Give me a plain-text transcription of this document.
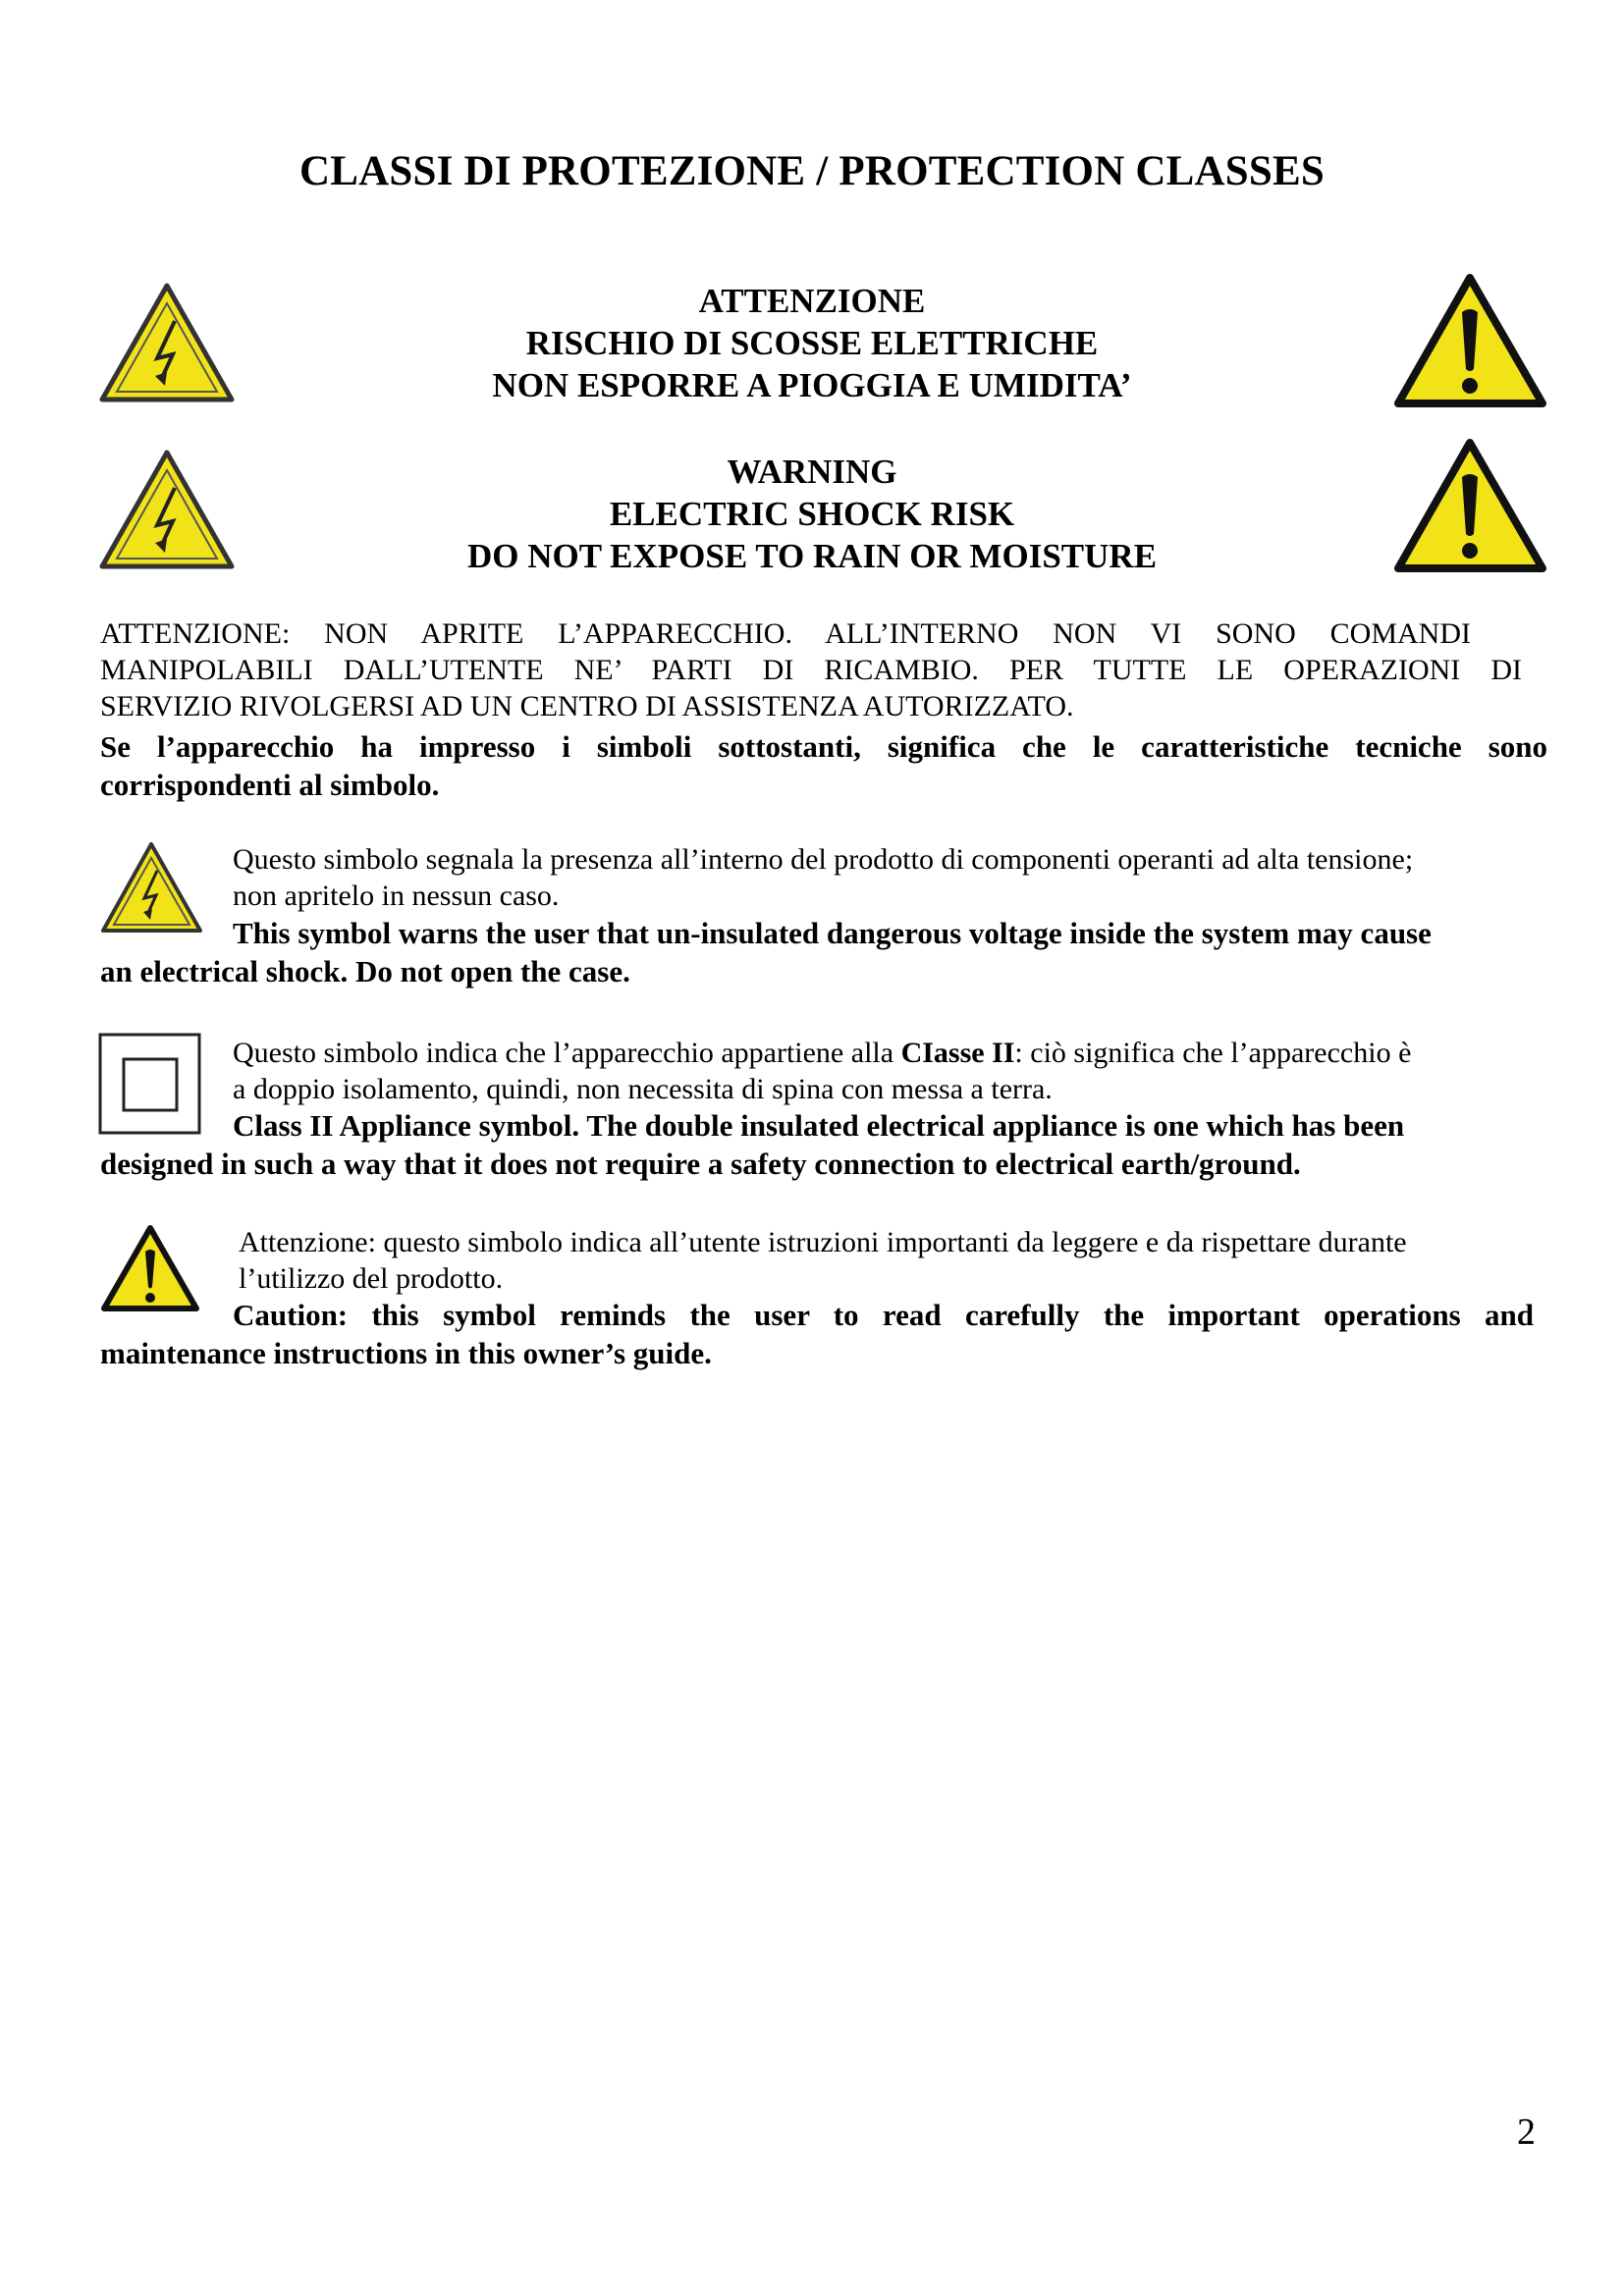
CLASSI DI PROTEZIONE / PROTECTION CLASSES
ATTENZIONE
RISCHIO DI SCOSSE ELETTRICHE
NON ESPORRE A PIOGGIA E UMIDITA’
WARNING
ELECTRIC SHOCK RISK
DO NOT EXPOSE TO RAIN OR MOISTURE
ATTENZIONE: NON APRITE L’APPARECCHIO. ALL’INTERNO NON VI SONO COMANDI
MANIPOLABILI DALL’UTENTE NE’ PARTI DI RICAMBIO. PER TUTTE LE OPERAZIONI DI
SERVIZIO RIVOLGERSI AD UN CENTRO DI ASSISTENZA AUTORIZZATO.
Se l’apparecchio ha impresso i simboli sottostanti, significa che le caratteristiche tecniche sono
corrispondenti al simbolo.
Questo simbolo segnala la presenza all’interno del prodotto di componenti operanti ad alta tensione;
non apritelo in nessun caso.
This symbol warns the user that un-insulated dangerous voltage inside the system may cause
an electrical shock. Do not open the case.
Questo simbolo indica che l’apparecchio appartiene alla CIasse II: ciò significa che l’apparecchio è
a doppio isolamento, quindi, non necessita di spina con messa a terra.
Class II Appliance symbol. The double insulated electrical appliance is one which has been
designed in such a way that it does not require a safety connection to electrical earth/ground.
Attenzione: questo simbolo indica all’utente istruzioni importanti da leggere e da rispettare durante
l’utilizzo del prodotto.
Caution: this symbol reminds the user to read carefully the important operations and
maintenance instructions in this owner’s guide.
2
